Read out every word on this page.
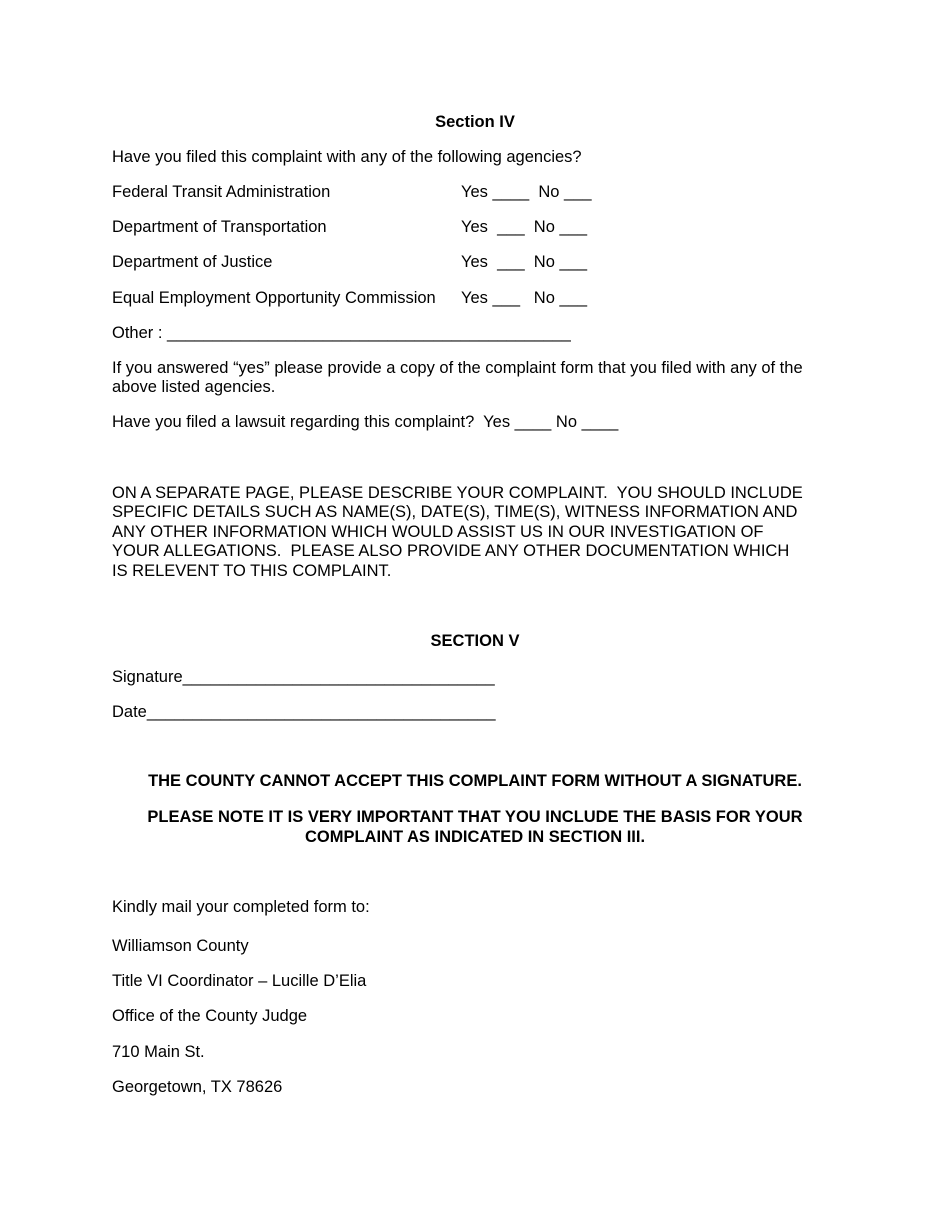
Section IV
Have you filed this complaint with any of the following agencies?
Federal Transit Administration	Yes ____  No ___
Department of Transportation	Yes  ___  No ___
Department of Justice	Yes  ___  No ___
Equal Employment Opportunity Commission Yes ___   No ___
Other : ____________________________________________
If you answered “yes” please provide a copy of the complaint form that you filed with any of the
above listed agencies.
Have you filed a lawsuit regarding this complaint?  Yes ____ No ____
ON A SEPARATE PAGE, PLEASE DESCRIBE YOUR COMPLAINT.  YOU SHOULD INCLUDE
SPECIFIC DETAILS SUCH AS NAME(S), DATE(S), TIME(S), WITNESS INFORMATION AND
ANY OTHER INFORMATION WHICH WOULD ASSIST US IN OUR INVESTIGATION OF
YOUR ALLEGATIONS.  PLEASE ALSO PROVIDE ANY OTHER DOCUMENTATION WHICH
IS RELEVENT TO THIS COMPLAINT.
SECTION V
Signature__________________________________
Date______________________________________
THE COUNTY CANNOT ACCEPT THIS COMPLAINT FORM WITHOUT A SIGNATURE.
PLEASE NOTE IT IS VERY IMPORTANT THAT YOU INCLUDE THE BASIS FOR YOUR
COMPLAINT AS INDICATED IN SECTION III.
Kindly mail your completed form to:
Williamson County
Title VI Coordinator – Lucille D’Elia
Office of the County Judge
710 Main St.
Georgetown, TX 78626
